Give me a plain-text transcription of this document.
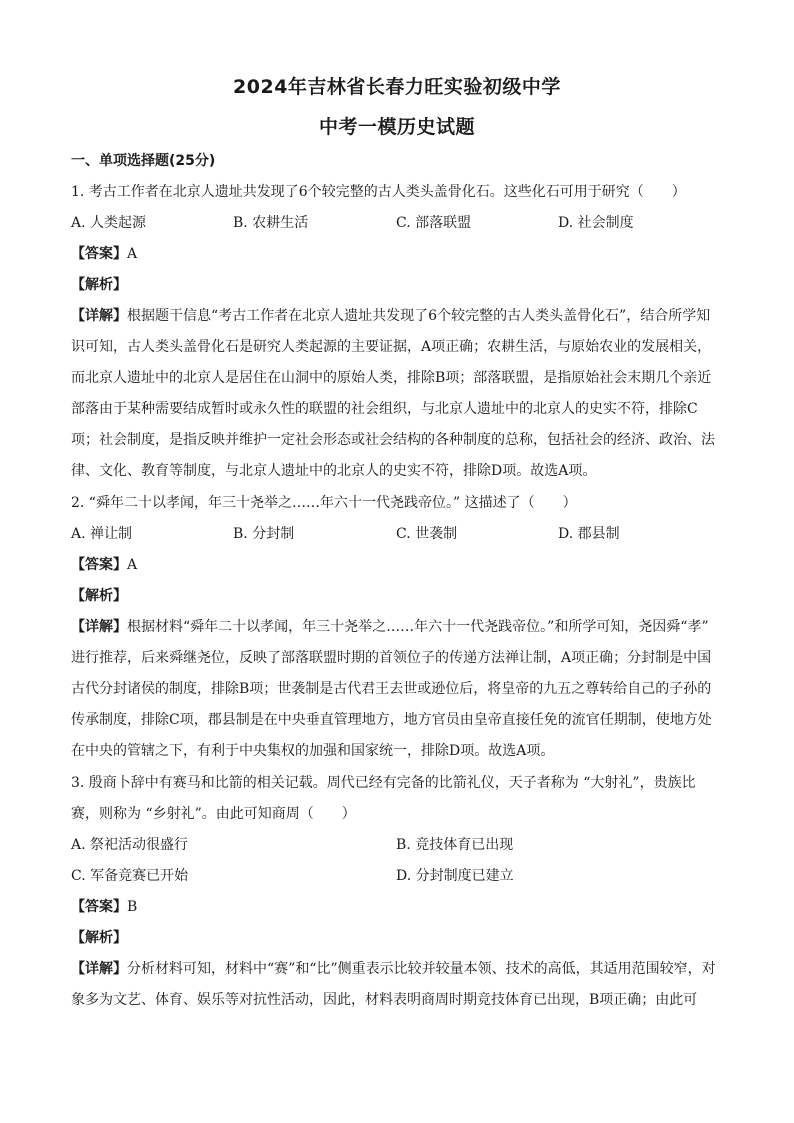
2024年吉林省长春力旺实验初级中学
中考一模历史试题
一、单项选择题(25分)
1. 考古工作者在北京人遗址共发现了6个较完整的古人类头盖骨化石。这些化石可用于研究（　　）
A. 人类起源	B. 农耕生活	C. 部落联盟	D. 社会制度
【答案】A
【解析】
【详解】根据题干信息“考古工作者在北京人遗址共发现了6个较完整的古人类头盖骨化石”，结合所学知
识可知，古人类头盖骨化石是研究人类起源的主要证据，A项正确；农耕生活，与原始农业的发展相关，
而北京人遗址中的北京人是居住在山洞中的原始人类，排除B项；部落联盟，是指原始社会末期几个亲近
部落由于某种需要结成暂时或永久性的联盟的社会组织，与北京人遗址中的北京人的史实不符，排除C
项；社会制度，是指反映并维护一定社会形态或社会结构的各种制度的总称，包括社会的经济、政治、法
律、文化、教育等制度，与北京人遗址中的北京人的史实不符，排除D项。故选A项。
2. “舜年二十以孝闻，年三十尧举之……年六十一代尧践帝位。” 这描述了（　　）
A. 禅让制	B. 分封制	C. 世袭制	D. 郡县制
【答案】A
【解析】
【详解】根据材料“舜年二十以孝闻，年三十尧举之……年六十一代尧践帝位。”和所学可知，尧因舜“孝”
进行推荐，后来舜继尧位，反映了部落联盟时期的首领位子的传递方法禅让制，A项正确；分封制是中国
古代分封诸侯的制度，排除B项；世袭制是古代君王去世或逊位后，将皇帝的九五之尊转给自己的子孙的
传承制度，排除C项，郡县制是在中央垂直管理地方，地方官员由皇帝直接任免的流官任期制，使地方处
在中央的管辖之下，有利于中央集权的加强和国家统一，排除D项。故选A项。
3. 殷商卜辞中有赛马和比箭的相关记载。周代已经有完备的比箭礼仪，天子者称为 “大射礼”，贵族比
赛，则称为 “乡射礼”。由此可知商周（　　）
A. 祭祀活动很盛行	B. 竞技体育已出现
C. 军备竞赛已开始	D. 分封制度已建立
【答案】B
【解析】
【详解】分析材料可知，材料中“赛”和“比”侧重表示比较并较量本领、技术的高低，其适用范围较窄，对
象多为文艺、体育、娱乐等对抗性活动，因此，材料表明商周时期竞技体育已出现，B项正确；由此可
